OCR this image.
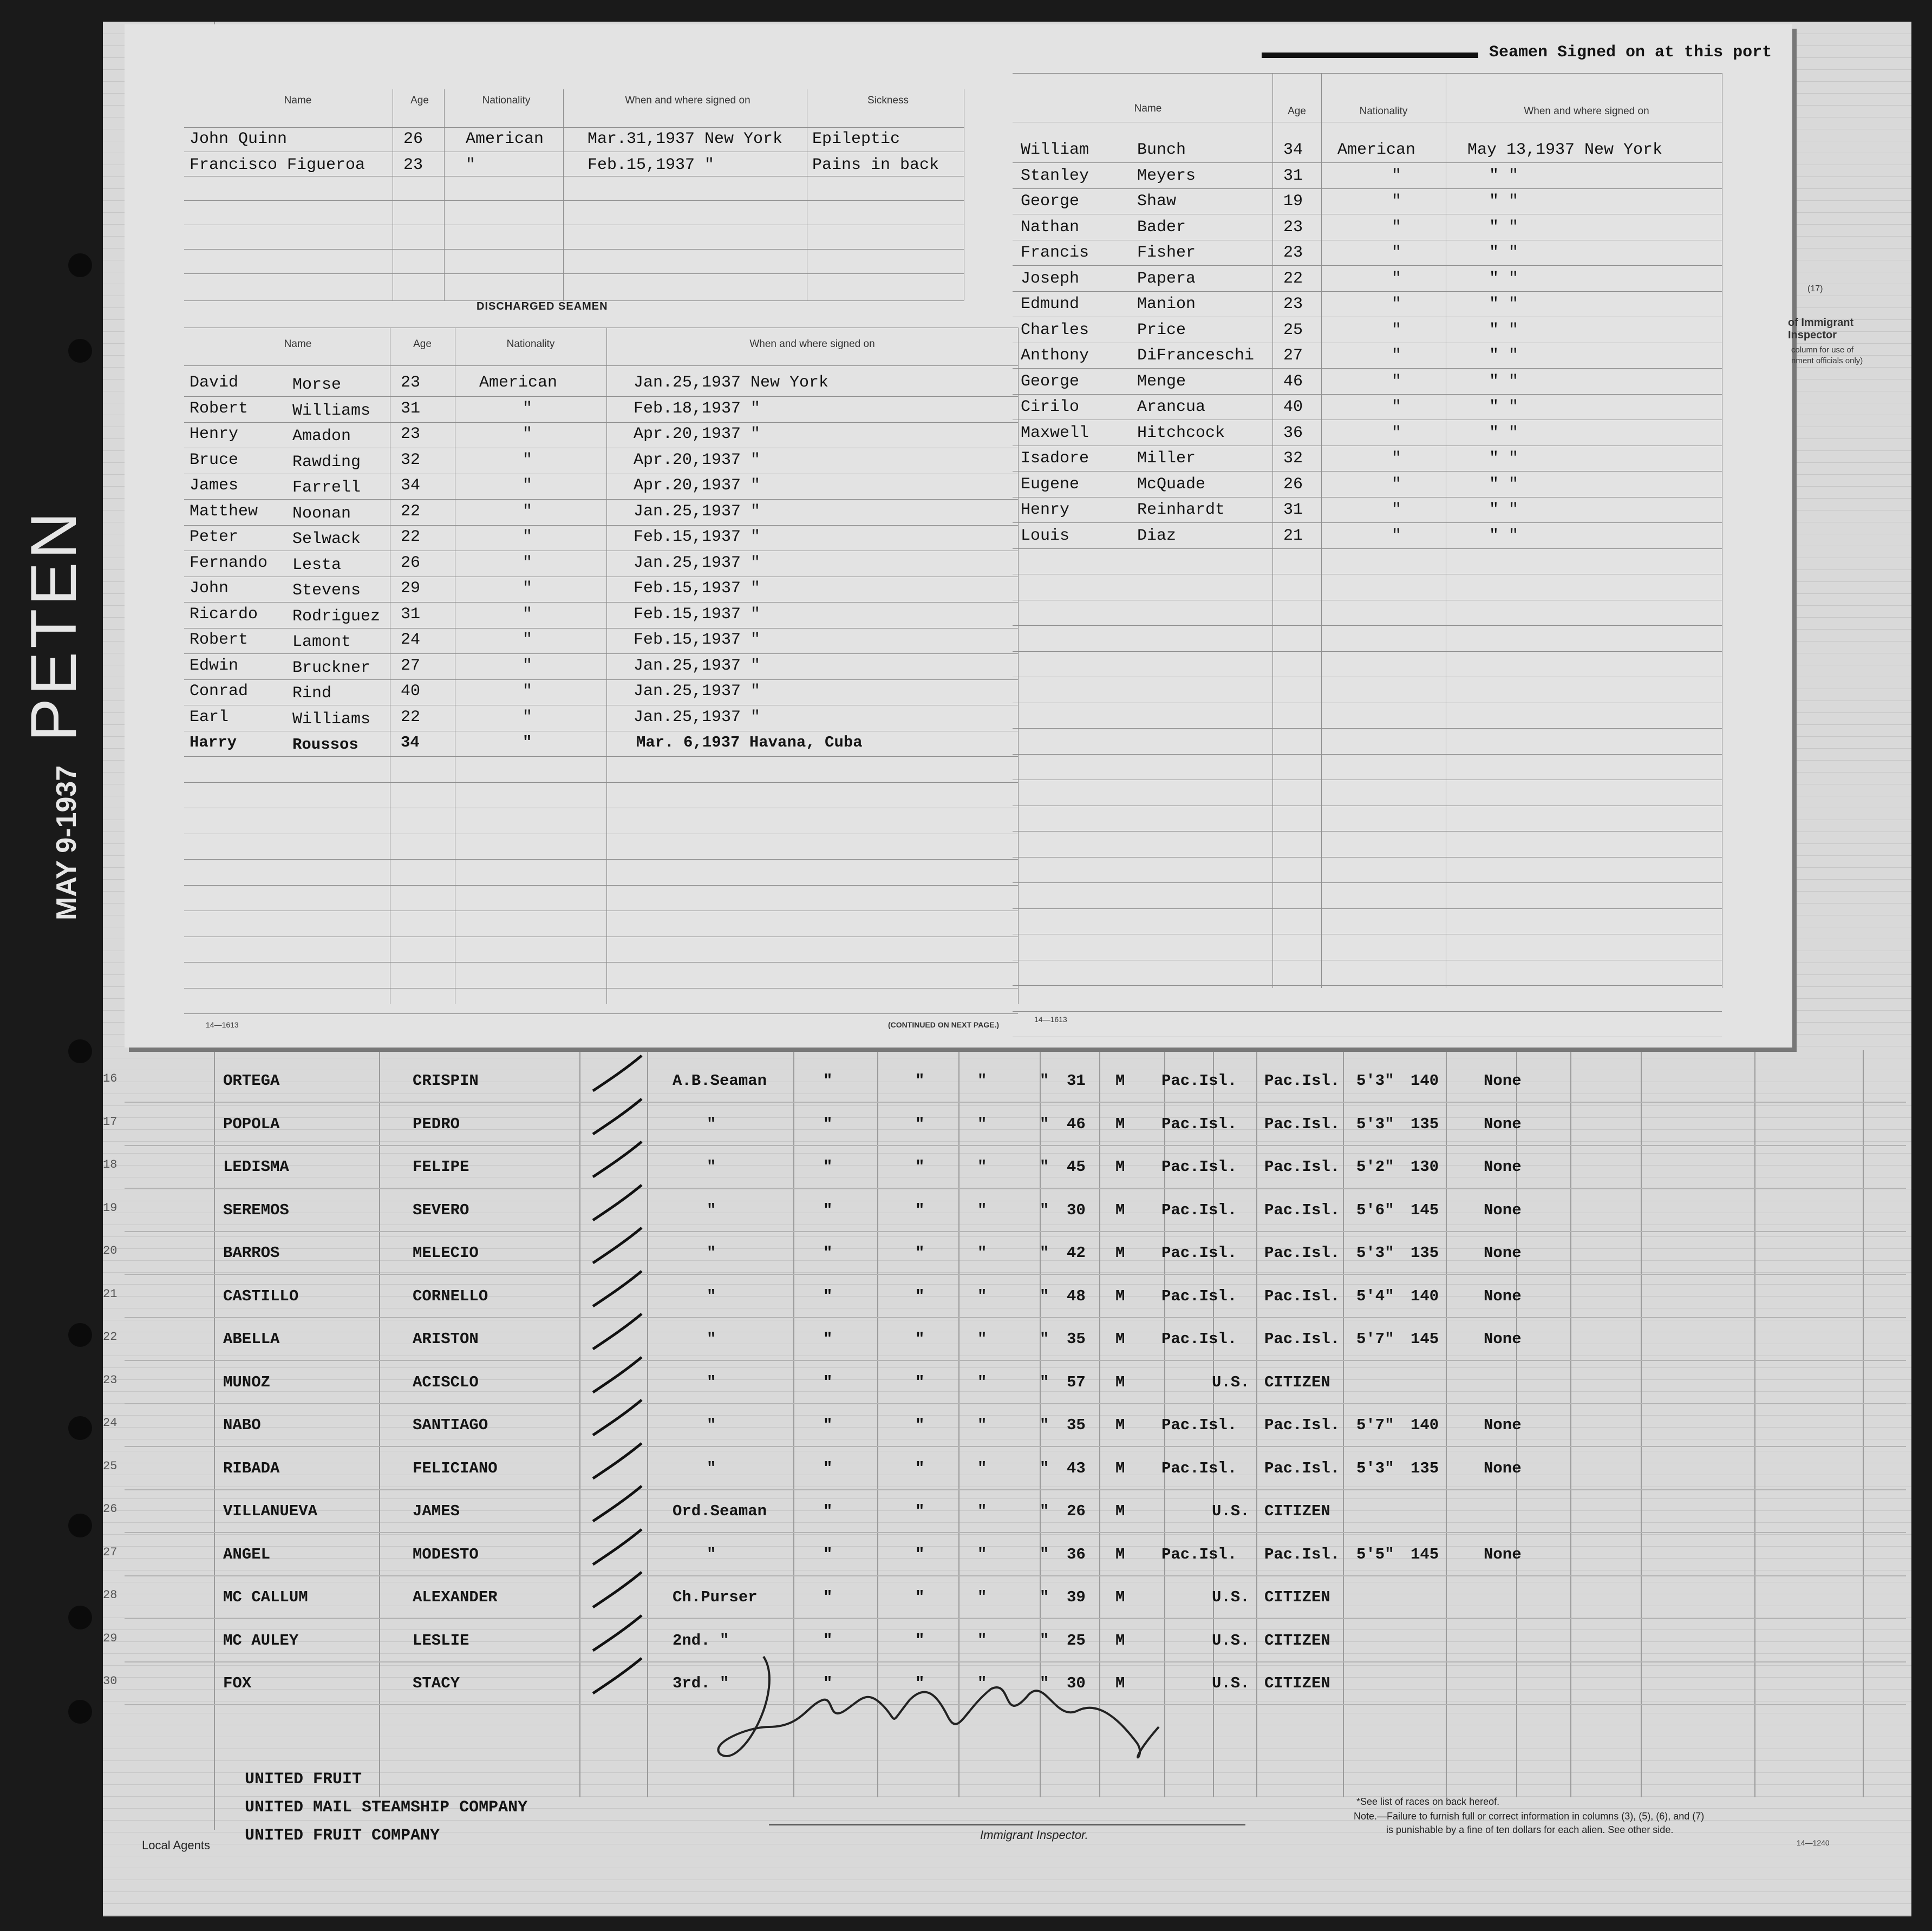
PETEN
MAY 9-1937
16	ORTEGA	CRISPIN	A.B.Seaman	"	"	"	" 31 M Pac.Isl. Pac.Isl. 5'3" 140	None
17	POPOLA	PEDRO	"	"	"	"	" 46 M Pac.Isl. Pac.Isl. 5'3" 135	None
18	LEDISMA	FELIPE	"	"	"	"	" 45 M Pac.Isl. Pac.Isl. 5'2" 130	None
19	SEREMOS	SEVERO	"	"	"	"	" 30 M Pac.Isl. Pac.Isl. 5'6" 145	None
20	BARROS	MELECIO	"	"	"	"	" 42 M Pac.Isl. Pac.Isl. 5'3" 135	None
21	CASTILLO	CORNELLO	"	"	"	"	" 48 M Pac.Isl. Pac.Isl. 5'4" 140	None
22	ABELLA	ARISTON	"	"	"	"	" 35 M Pac.Isl. Pac.Isl. 5'7" 145	None
23	MUNOZ	ACISCLO	"	"	"	"	" 57 M	U.S. CITIZEN
24	NABO	SANTIAGO	"	"	"	"	" 35 M Pac.Isl. Pac.Isl. 5'7" 140	None
25	RIBADA	FELICIANO	"	"	"	"	" 43 M Pac.Isl. Pac.Isl. 5'3" 135	None
26	VILLANUEVA	JAMES	Ord.Seaman	"	"	"	" 26 M	U.S. CITIZEN
27	ANGEL	MODESTO	"	"	"	"	" 36 M Pac.Isl. Pac.Isl. 5'5" 145	None
28	MC CALLUM	ALEXANDER	Ch.Purser	"	"	"	" 39 M	U.S. CITIZEN
29	MC AULEY	LESLIE	2nd. "	"	"	"	" 25 M	U.S. CITIZEN
30	FOX	STACY	3rd. "	"	"	"	" 30 M	U.S. CITIZEN
Seamen Signed on at this port
Name	Age	Nationality	When and where signed on	Sickness
John Quinn	26	American	Mar.31,1937 New York Epileptic
Francisco Figueroa 23	"	Feb.15,1937 "	Pains in back
DISCHARGED SEAMEN
Name	Age	Nationality	When and where signed on
David	Morse	23	American	Jan.25,1937 New York
Robert	Williams 31	"	Feb.18,1937 "
Henry	Amadon	23	"	Apr.20,1937 "
Bruce	Rawding 32	"	Apr.20,1937 "
James	Farrell 34	"	Apr.20,1937 "
Matthew Noonan	22	"	Jan.25,1937 "
Peter	Selwack 22	"	Feb.15,1937 "
Fernando Lesta	26	"	Jan.25,1937 "
John	Stevens 29	"	Feb.15,1937 "
Ricardo Rodriguez 31	"	Feb.15,1937 "
Robert	Lamont	24	"	Feb.15,1937 "
Edwin	Bruckner 27	"	Jan.25,1937 "
Conrad	Rind	40	"	Jan.25,1937 "
Earl	Williams 22	"	Jan.25,1937 "
Harry	Roussos	34	"	Mar. 6,1937 Havana, Cuba
14—1613	(CONTINUED ON NEXT PAGE.)
Name	Age	Nationality	When and where signed on
William	Bunch	34 American	May 13,1937 New York
Stanley	Meyers	31	"	" "
George	Shaw	19	"	" "
Nathan	Bader	23	"	" "
Francis	Fisher	23	"	" "
Joseph	Papera	22	"	" "
Edmund	Manion	23	"	" "
Charles	Price	25	"	" "
Anthony	DiFranceschi 27	"	" "
George	Menge	46	"	" "
Cirilo	Arancua	40	"	" "
Maxwell	Hitchcock	36	"	" "
Isadore	Miller	32	"	" "
Eugene	McQuade	26	"	" "
Henry	Reinhardt	31	"	" "
Louis	Diaz	21	"	" "
14—1613
(17)
of Immigrant Inspector
column for use of
nment officials only)
John D. Wright Jr
UNITED FRUIT
UNITED MAIL STEAMSHIP COMPANY
UNITED FRUIT COMPANY
Local Agents
Immigrant Inspector.
*See list of races on back hereof.
Note.—Failure to furnish full or correct information in columns (3), (5), (6), and (7)
is punishable by a fine of ten dollars for each alien. See other side.
14—1240
